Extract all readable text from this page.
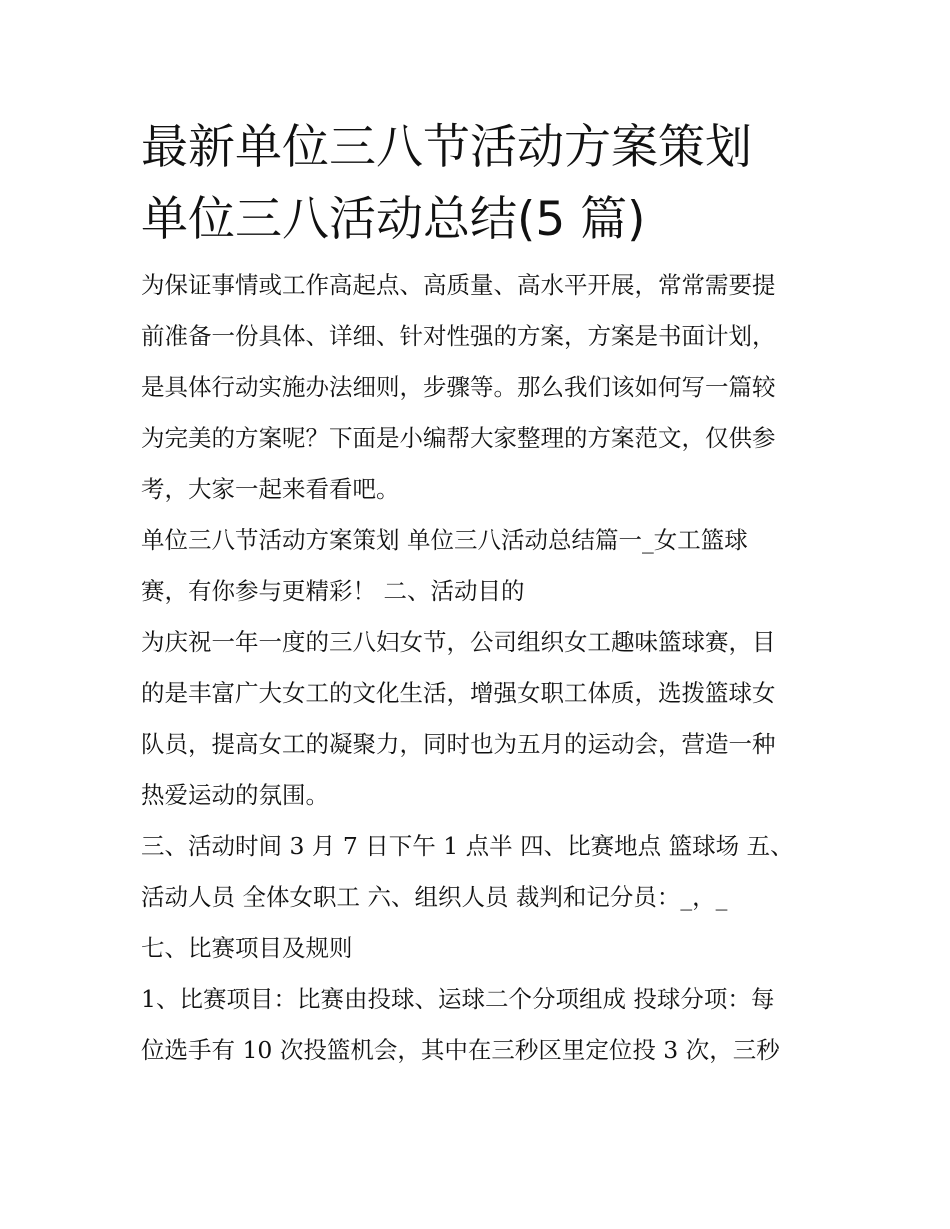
最新单位三八节活动方案策划
单位三八活动总结(5 篇)
为保证事情或工作高起点、高质量、高水平开展，常常需要提
前准备一份具体、详细、针对性强的方案，方案是书面计划，
是具体行动实施办法细则，步骤等。那么我们该如何写一篇较
为完美的方案呢？下面是小编帮大家整理的方案范文，仅供参
考，大家一起来看看吧。
单位三八节活动方案策划 单位三八活动总结篇一_女工篮球
赛，有你参与更精彩！ 二、活动目的
为庆祝一年一度的三八妇女节，公司组织女工趣味篮球赛，目
的是丰富广大女工的文化生活，增强女职工体质，选拨篮球女
队员，提高女工的凝聚力，同时也为五月的运动会，营造一种
热爱运动的氛围。
三、活动时间 3 月 7 日下午 1 点半 四、比赛地点 篮球场 五、
活动人员 全体女职工 六、组织人员 裁判和记分员：_，_
七、比赛项目及规则
1、比赛项目：比赛由投球、运球二个分项组成 投球分项：每
位选手有 10 次投篮机会，其中在三秒区里定位投 3 次，三秒
